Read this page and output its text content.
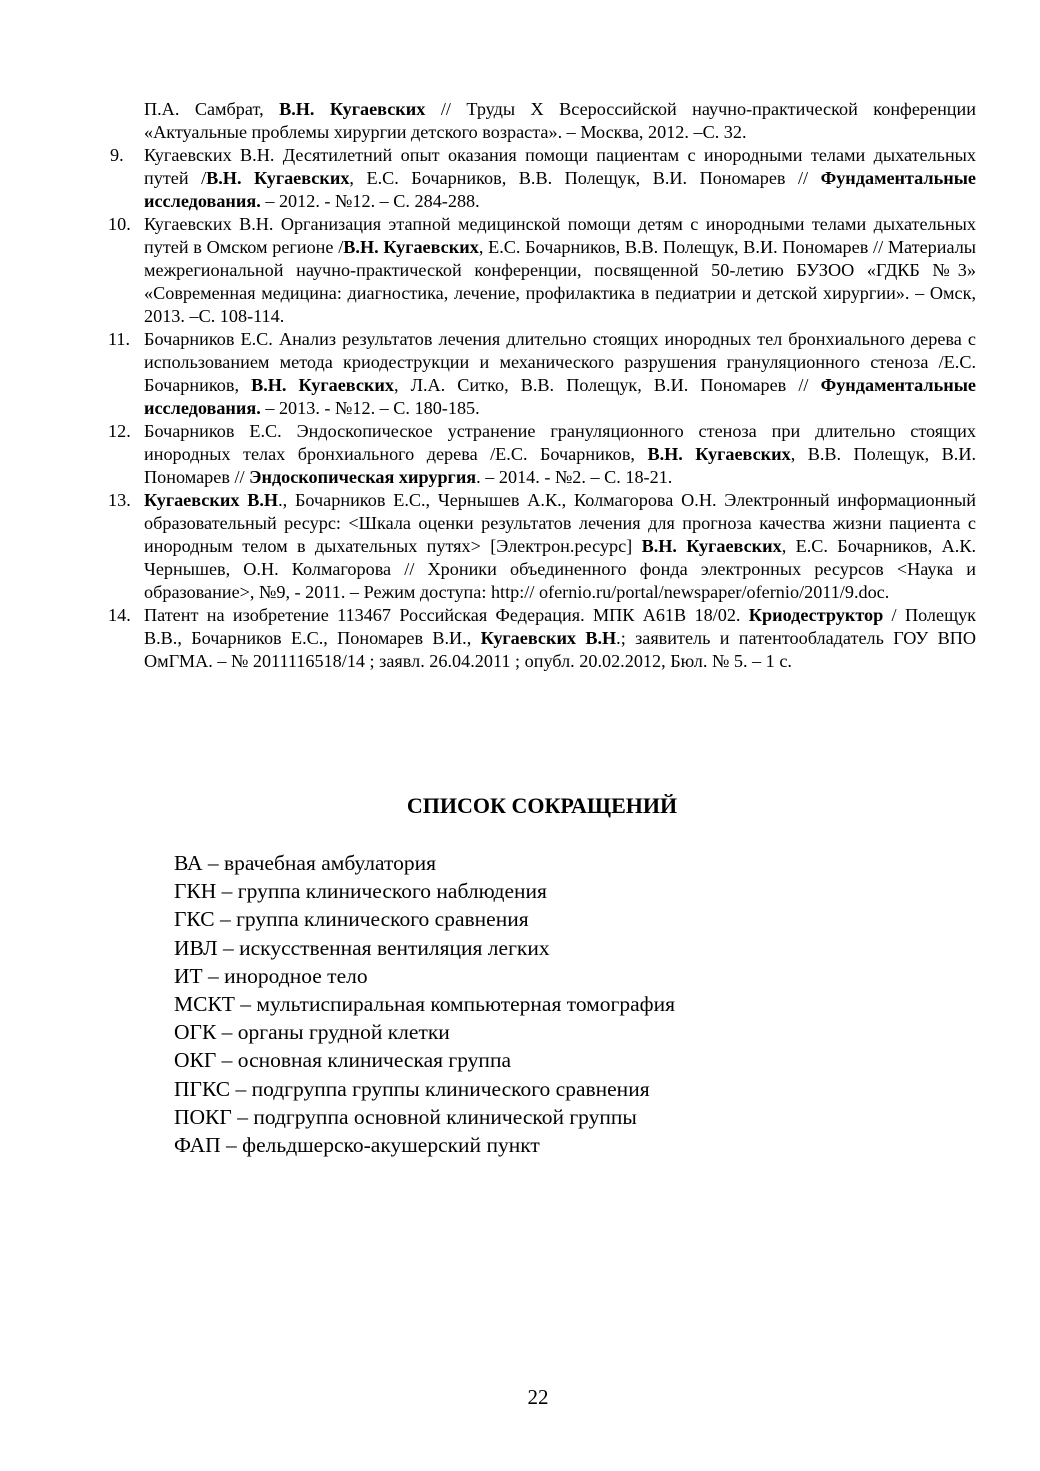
П.А. Самбрат, В.Н. Кугаевских // Труды X Всероссийской научно-практической конференции «Актуальные проблемы хирургии детского возраста». – Москва, 2012. –С. 32.
9. Кугаевских В.Н. Десятилетний опыт оказания помощи пациентам с инородными телами дыхательных путей /В.Н. Кугаевских, Е.С. Бочарников, В.В. Полещук, В.И. Пономарев // Фундаментальные исследования. – 2012. - №12. – С. 284-288.
10. Кугаевских В.Н. Организация этапной медицинской помощи детям с инородными телами дыхательных путей в Омском регионе /В.Н. Кугаевских, Е.С. Бочарников, В.В. Полещук, В.И. Пономарев // Материалы межрегиональной научно-практической конференции, посвященной 50-летию БУЗОО «ГДКБ №3» «Современная медицина: диагностика, лечение, профилактика в педиатрии и детской хирургии». – Омск, 2013. –С. 108-114.
11. Бочарников Е.С. Анализ результатов лечения длительно стоящих инородных тел бронхиального дерева с использованием метода криодеструкции и механического разрушения грануляционного стеноза /Е.С. Бочарников, В.Н. Кугаевских, Л.А. Ситко, В.В. Полещук, В.И. Пономарев // Фундаментальные исследования. – 2013. - №12. – С. 180-185.
12. Бочарников Е.С. Эндоскопическое устранение грануляционного стеноза при длительно стоящих инородных телах бронхиального дерева /Е.С. Бочарников, В.Н. Кугаевских, В.В. Полещук, В.И. Пономарев // Эндоскопическая хирургия. – 2014. - №2. – С. 18-21.
13. Кугаевских В.Н., Бочарников Е.С., Чернышев А.К., Колмагорова О.Н. Электронный информационный образовательный ресурс: <Шкала оценки результатов лечения для прогноза качества жизни пациента с инородным телом в дыхательных путях> [Электрон.ресурс] В.Н. Кугаевских, Е.С. Бочарников, А.К. Чернышев, О.Н. Колмагорова // Хроники объединенного фонда электронных ресурсов <Наука и образование>, №9, - 2011. – Режим доступа: http:// ofernio.ru/portal/newspaper/ofernio/2011/9.doc.
14. Патент на изобретение 113467 Российская Федерация. МПК А61В 18/02. Криодеструктор / Полещук В.В., Бочарников Е.С., Пономарев В.И., Кугаевских В.Н.; заявитель и патентообладатель ГОУ ВПО ОмГМА. – № 2011116518/14 ; заявл. 26.04.2011 ; опубл. 20.02.2012, Бюл. № 5. – 1 с.
СПИСОК СОКРАЩЕНИЙ
ВА – врачебная амбулатория
ГКН – группа клинического наблюдения
ГКС – группа клинического сравнения
ИВЛ – искусственная вентиляция легких
ИТ – инородное тело
МСКТ – мультиспиральная компьютерная томография
ОГК – органы грудной клетки
ОКГ – основная клиническая группа
ПГКС – подгруппа группы клинического сравнения
ПОКГ – подгруппа основной клинической группы
ФАП – фельдшерско-акушерский пункт
22
